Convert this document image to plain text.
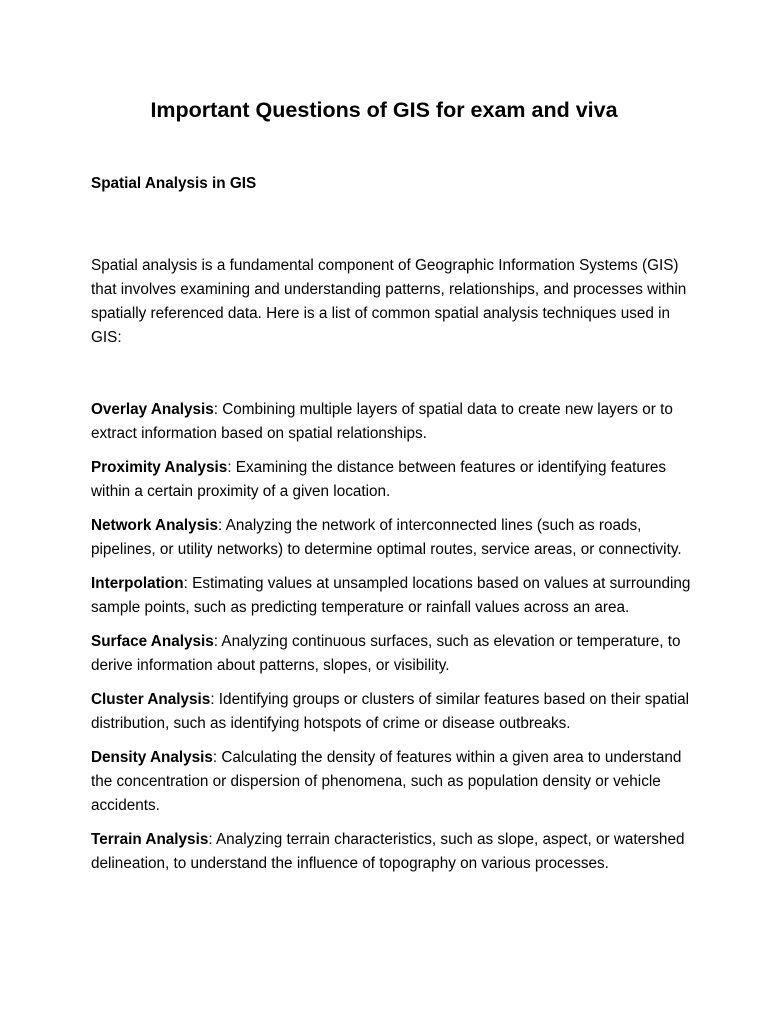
Important Questions of GIS for exam and viva

Spatial Analysis in GIS

Spatial analysis is a fundamental component of Geographic Information Systems (GIS) that involves examining and understanding patterns, relationships, and processes within spatially referenced data. Here is a list of common spatial analysis techniques used in GIS:

Overlay Analysis: Combining multiple layers of spatial data to create new layers or to extract information based on spatial relationships.
Proximity Analysis: Examining the distance between features or identifying features within a certain proximity of a given location.
Network Analysis: Analyzing the network of interconnected lines (such as roads, pipelines, or utility networks) to determine optimal routes, service areas, or connectivity.
Interpolation: Estimating values at unsampled locations based on values at surrounding sample points, such as predicting temperature or rainfall values across an area.
Surface Analysis: Analyzing continuous surfaces, such as elevation or temperature, to derive information about patterns, slopes, or visibility.
Cluster Analysis: Identifying groups or clusters of similar features based on their spatial distribution, such as identifying hotspots of crime or disease outbreaks.
Density Analysis: Calculating the density of features within a given area to understand the concentration or dispersion of phenomena, such as population density or vehicle accidents.
Terrain Analysis: Analyzing terrain characteristics, such as slope, aspect, or watershed delineation, to understand the influence of topography on various processes.
